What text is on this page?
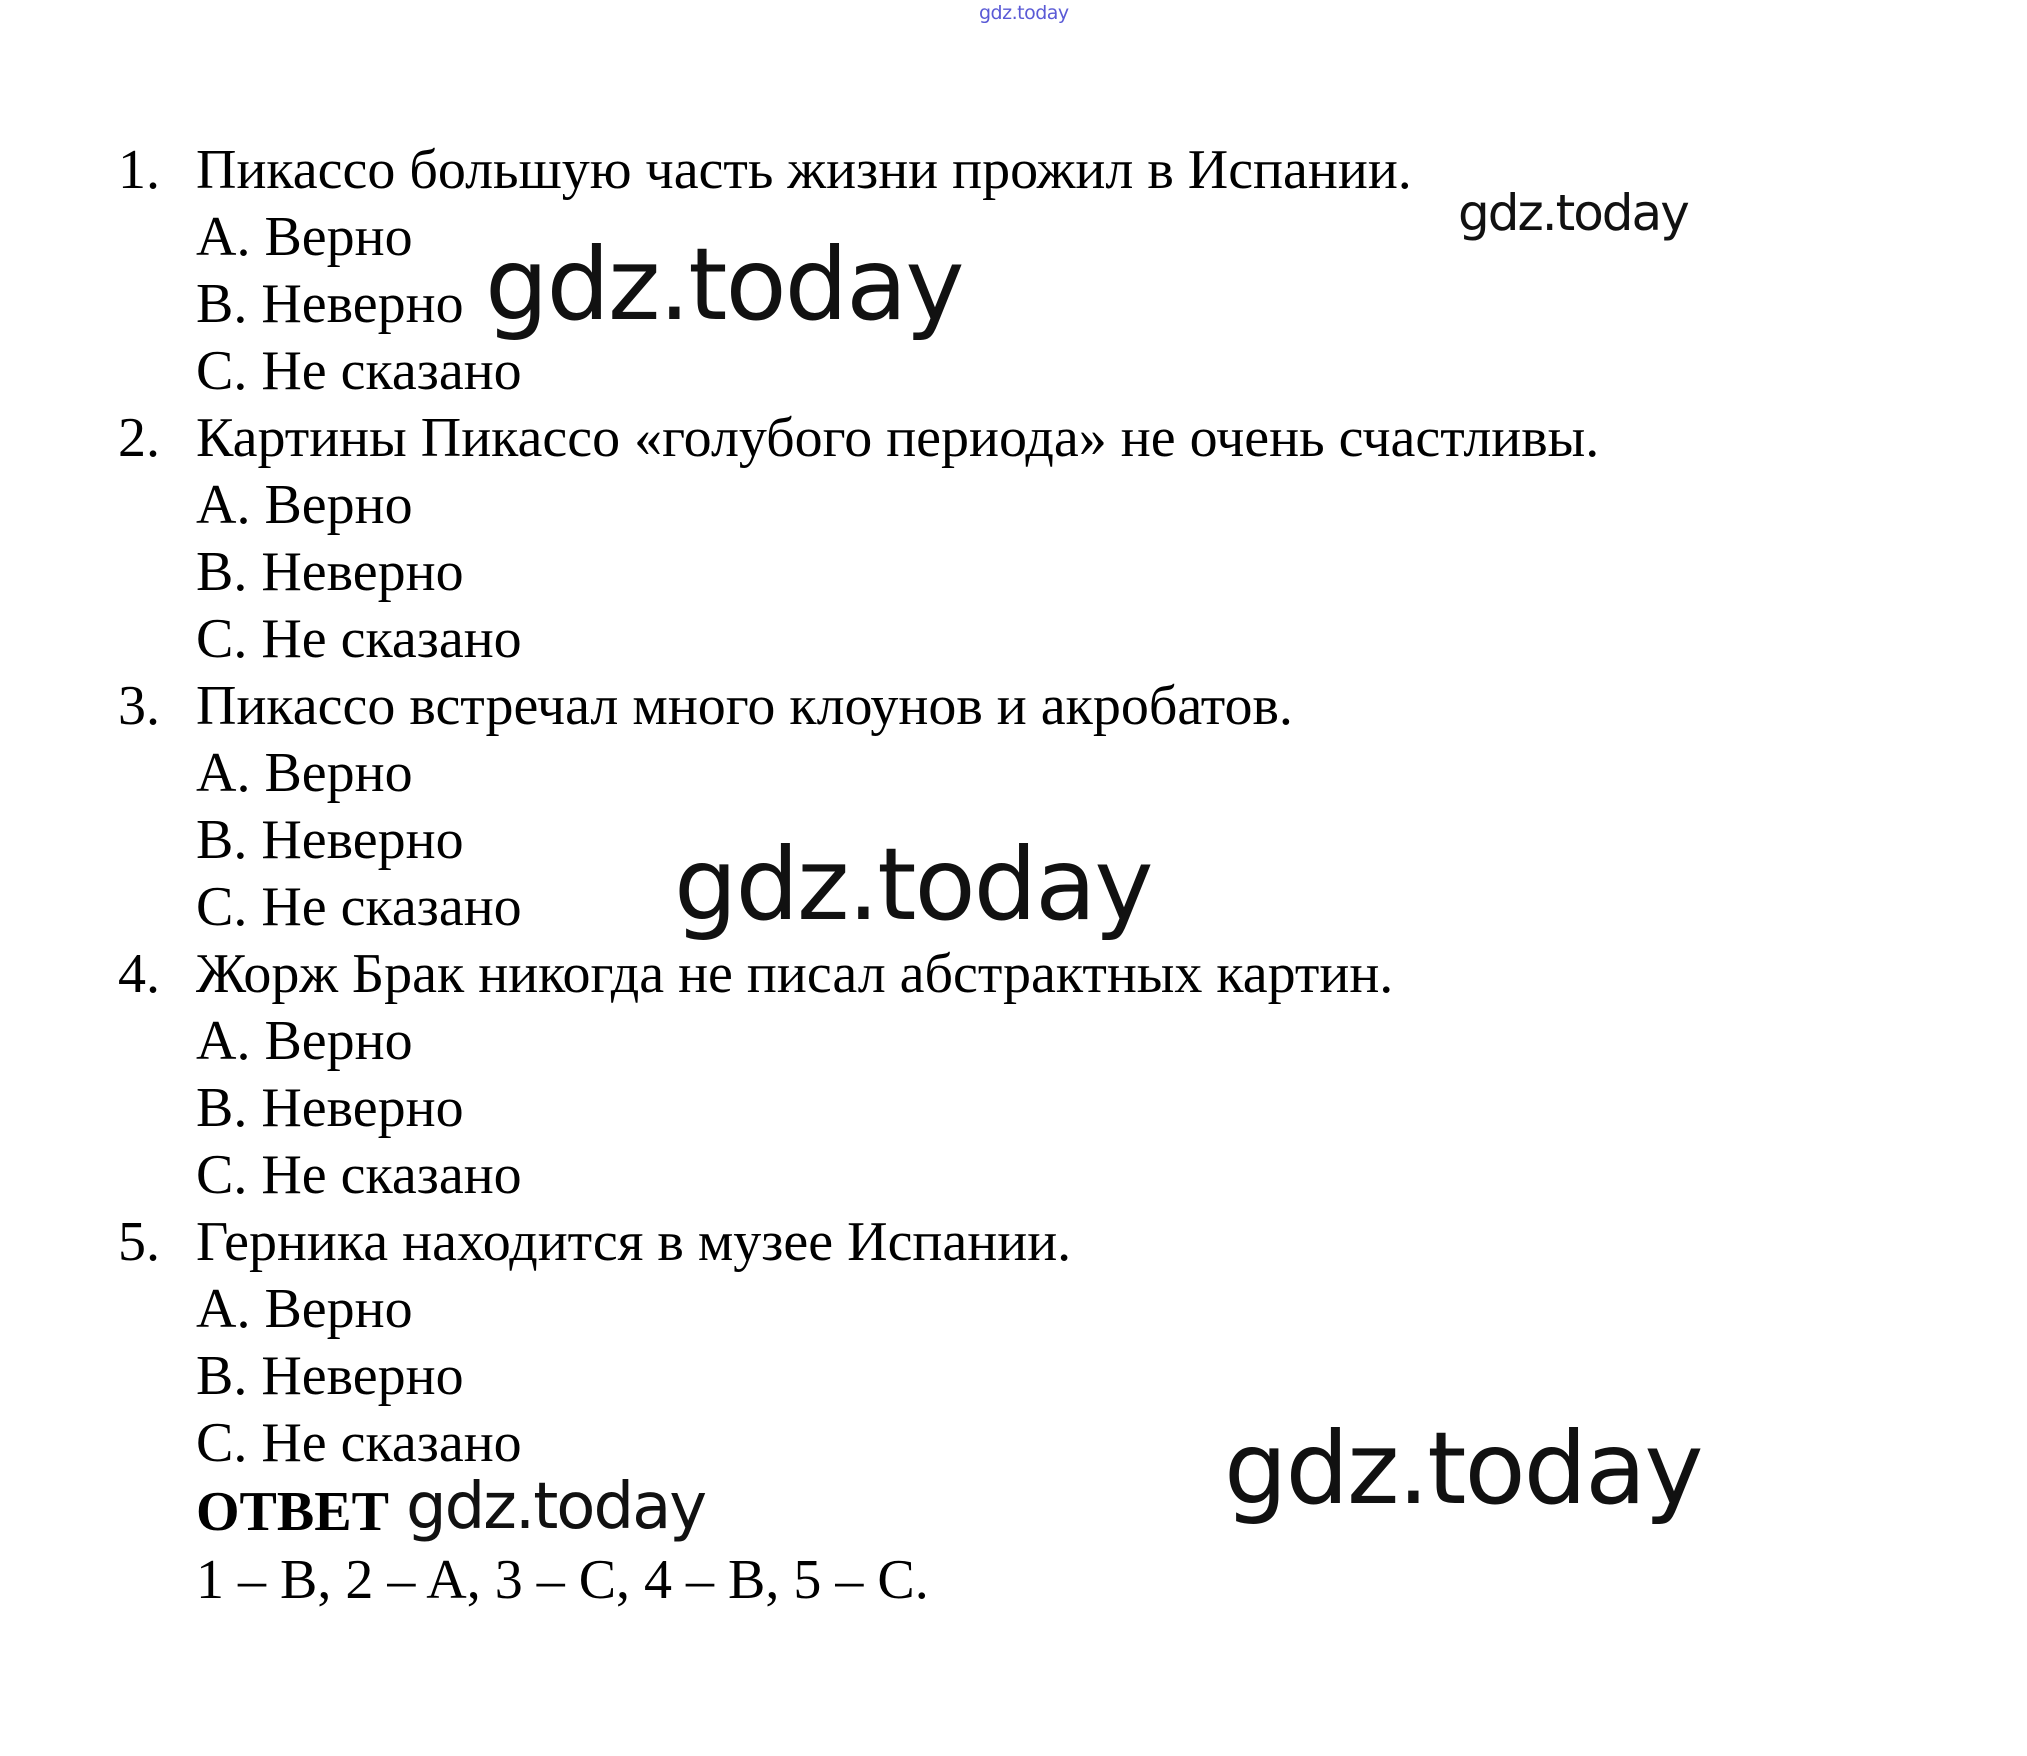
gdz.today
1. Пикассо большую часть жизни прожил в Испании.
A. Верно
B. Неверно
C. Не сказано
2. Картины Пикассо «голубого периода» не очень счастливы.
A. Верно
B. Неверно
C. Не сказано
3. Пикассо встречал много клоунов и акробатов.
A. Верно
B. Неверно
C. Не сказано
4. Жорж Брак никогда не писал абстрактных картин.
A. Верно
B. Неверно
C. Не сказано
5. Герника находится в музее Испании.
A. Верно
B. Неверно
C. Не сказано
ОТВЕТ
1 – B, 2 – A, 3 – C, 4 – B, 5 – C.
gdz.today
gdz.today
gdz.today
gdz.today
gdz.today
